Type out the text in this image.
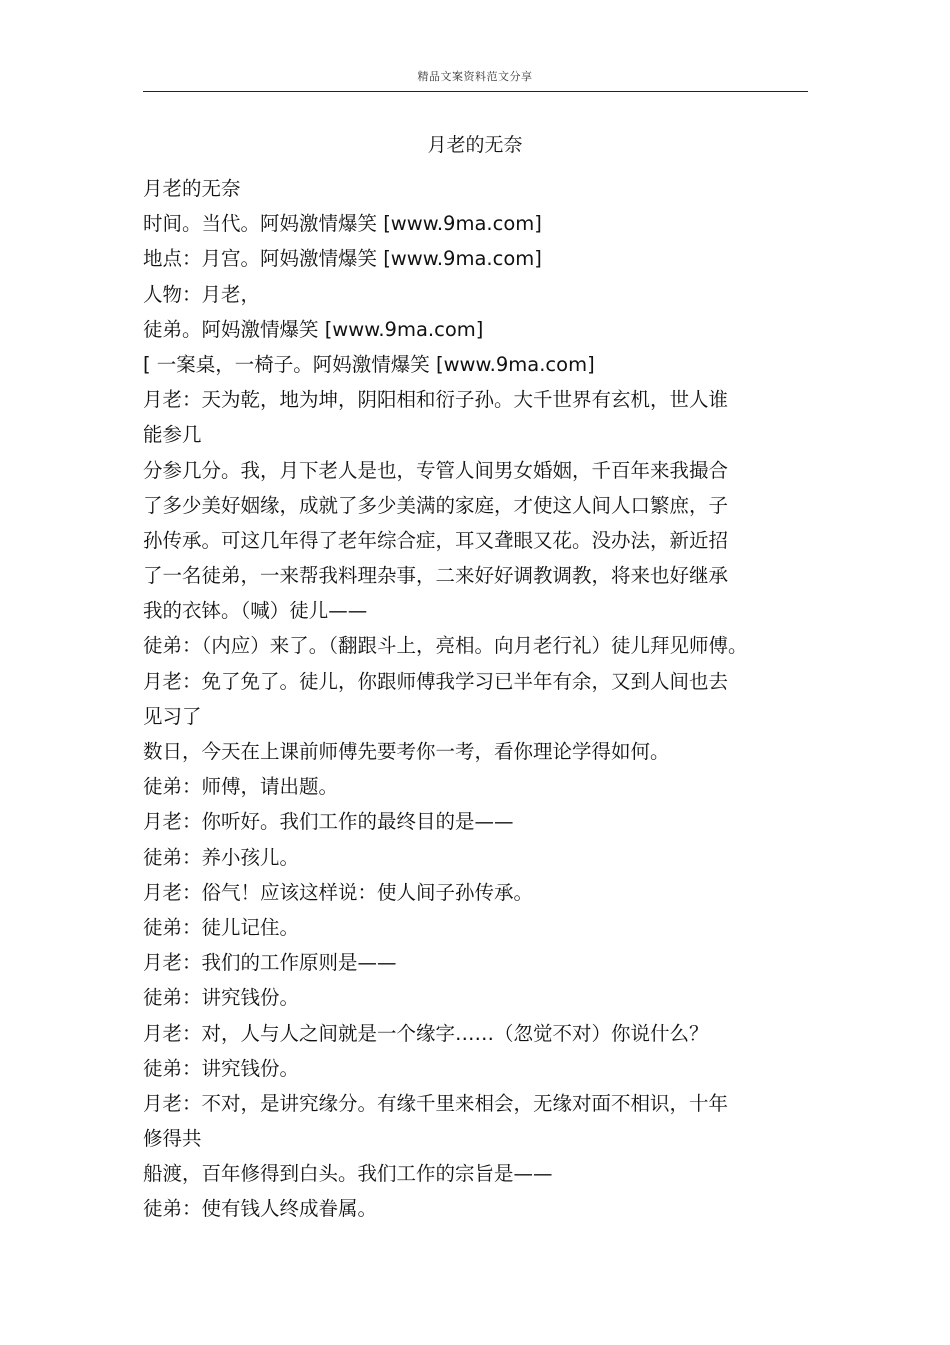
精品文案资料范文分享
月老的无奈
月老的无奈
时间。当代。阿妈激情爆笑 [www.9ma.com]
地点：月宫。阿妈激情爆笑 [www.9ma.com]
人物：月老，
徒弟。阿妈激情爆笑 [www.9ma.com]
[ 一案桌，一椅子。阿妈激情爆笑 [www.9ma.com]
月老：天为乾，地为坤，阴阳相和衍子孙。大千世界有玄机，世人谁
能参几
分参几分。我，月下老人是也，专管人间男女婚姻，千百年来我撮合
了多少美好姻缘，成就了多少美满的家庭，才使这人间人口繁庶，子
孙传承。可这几年得了老年综合症，耳又聋眼又花。没办法，新近招
了一名徒弟，一来帮我料理杂事，二来好好调教调教，将来也好继承
我的衣钵。（喊）徒儿——
徒弟：（内应）来了。（翻跟斗上，亮相。向月老行礼）徒儿拜见师傅。
月老：免了免了。徒儿，你跟师傅我学习已半年有余，又到人间也去
见习了
数日，今天在上课前师傅先要考你一考，看你理论学得如何。
徒弟：师傅，请出题。
月老：你听好。我们工作的最终目的是——
徒弟：养小孩儿。
月老：俗气！应该这样说：使人间子孙传承。
徒弟：徒儿记住。
月老：我们的工作原则是——
徒弟：讲究钱份。
月老：对，人与人之间就是一个缘字……（忽觉不对）你说什么？
徒弟：讲究钱份。
月老：不对，是讲究缘分。有缘千里来相会，无缘对面不相识，十年
修得共
船渡，百年修得到白头。我们工作的宗旨是——
徒弟：使有钱人终成眷属。
